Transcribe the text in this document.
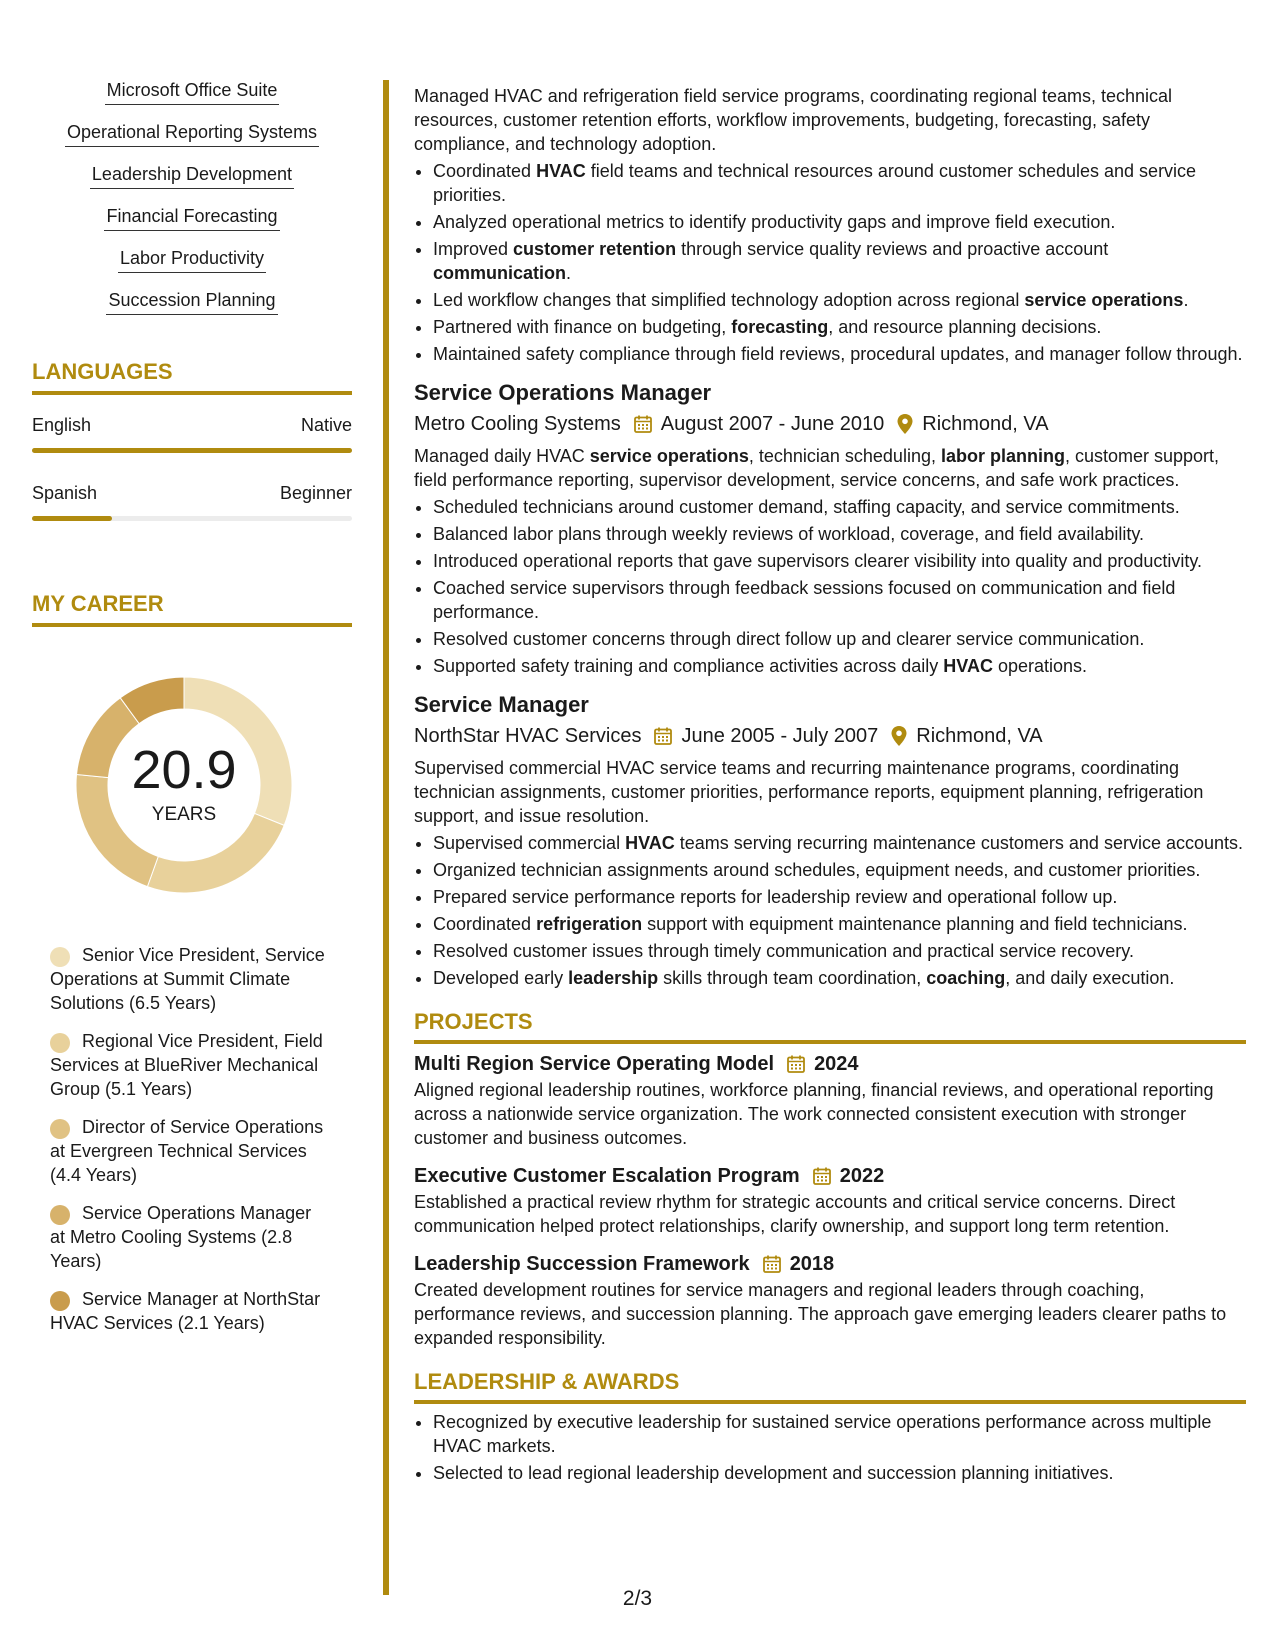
Microsoft Office Suite
Operational Reporting Systems
Leadership Development
Financial Forecasting
Labor Productivity
Succession Planning
LANGUAGES
English	Native
Spanish	Beginner
MY CAREER
20.9
YEARS
Senior Vice President, Service Operations at Summit Climate Solutions (6.5 Years)
Regional Vice President, Field Services at BlueRiver Mechanical Group (5.1 Years)
Director of Service Operations at Evergreen Technical Services (4.4 Years)
Service Operations Manager at Metro Cooling Systems (2.8 Years)
Service Manager at NorthStar HVAC Services (2.1 Years)

Managed HVAC and refrigeration field service programs, coordinating regional teams, technical resources, customer retention efforts, workflow improvements, budgeting, forecasting, safety compliance, and technology adoption.

• Coordinated HVAC field teams and technical resources around customer schedules and service priorities.
• Analyzed operational metrics to identify productivity gaps and improve field execution.
• Improved customer retention through service quality reviews and proactive account communication.
• Led workflow changes that simplified technology adoption across regional service operations.
• Partnered with finance on budgeting, forecasting, and resource planning decisions.
• Maintained safety compliance through field reviews, procedural updates, and manager follow through.
Service Operations Manager
Metro Cooling Systems August 2007 - June 2010 Richmond, VA

Managed daily HVAC service operations, technician scheduling, labor planning, customer support, field performance reporting, supervisor development, service concerns, and safe work practices.

• Scheduled technicians around customer demand, staffing capacity, and service commitments.
• Balanced labor plans through weekly reviews of workload, coverage, and field availability.
• Introduced operational reports that gave supervisors clearer visibility into quality and productivity.
• Coached service supervisors through feedback sessions focused on communication and field performance.
• Resolved customer concerns through direct follow up and clearer service communication.
• Supported safety training and compliance activities across daily HVAC operations.
Service Manager
NorthStar HVAC Services June 2005 - July 2007 Richmond, VA

Supervised commercial HVAC service teams and recurring maintenance programs, coordinating technician assignments, customer priorities, performance reports, equipment planning, refrigeration support, and issue resolution.

• Supervised commercial HVAC teams serving recurring maintenance customers and service accounts.
• Organized technician assignments around schedules, equipment needs, and customer priorities.
• Prepared service performance reports for leadership review and operational follow up.
• Coordinated refrigeration support with equipment maintenance planning and field technicians.
• Resolved customer issues through timely communication and practical service recovery.
• Developed early leadership skills through team coordination, coaching, and daily execution.
PROJECTS
Multi Region Service Operating Model 2024

Aligned regional leadership routines, workforce planning, financial reviews, and operational reporting across a nationwide service organization. The work connected consistent execution with stronger customer and business outcomes.

Executive Customer Escalation Program 2022

Established a practical review rhythm for strategic accounts and critical service concerns. Direct communication helped protect relationships, clarify ownership, and support long term retention.

Leadership Succession Framework 2018

Created development routines for service managers and regional leaders through coaching, performance reviews, and succession planning. The approach gave emerging leaders clearer paths to expanded responsibility.

LEADERSHIP & AWARDS
• Recognized by executive leadership for sustained service operations performance across multiple HVAC markets.
• Selected to lead regional leadership development and succession planning initiatives.
2/3
